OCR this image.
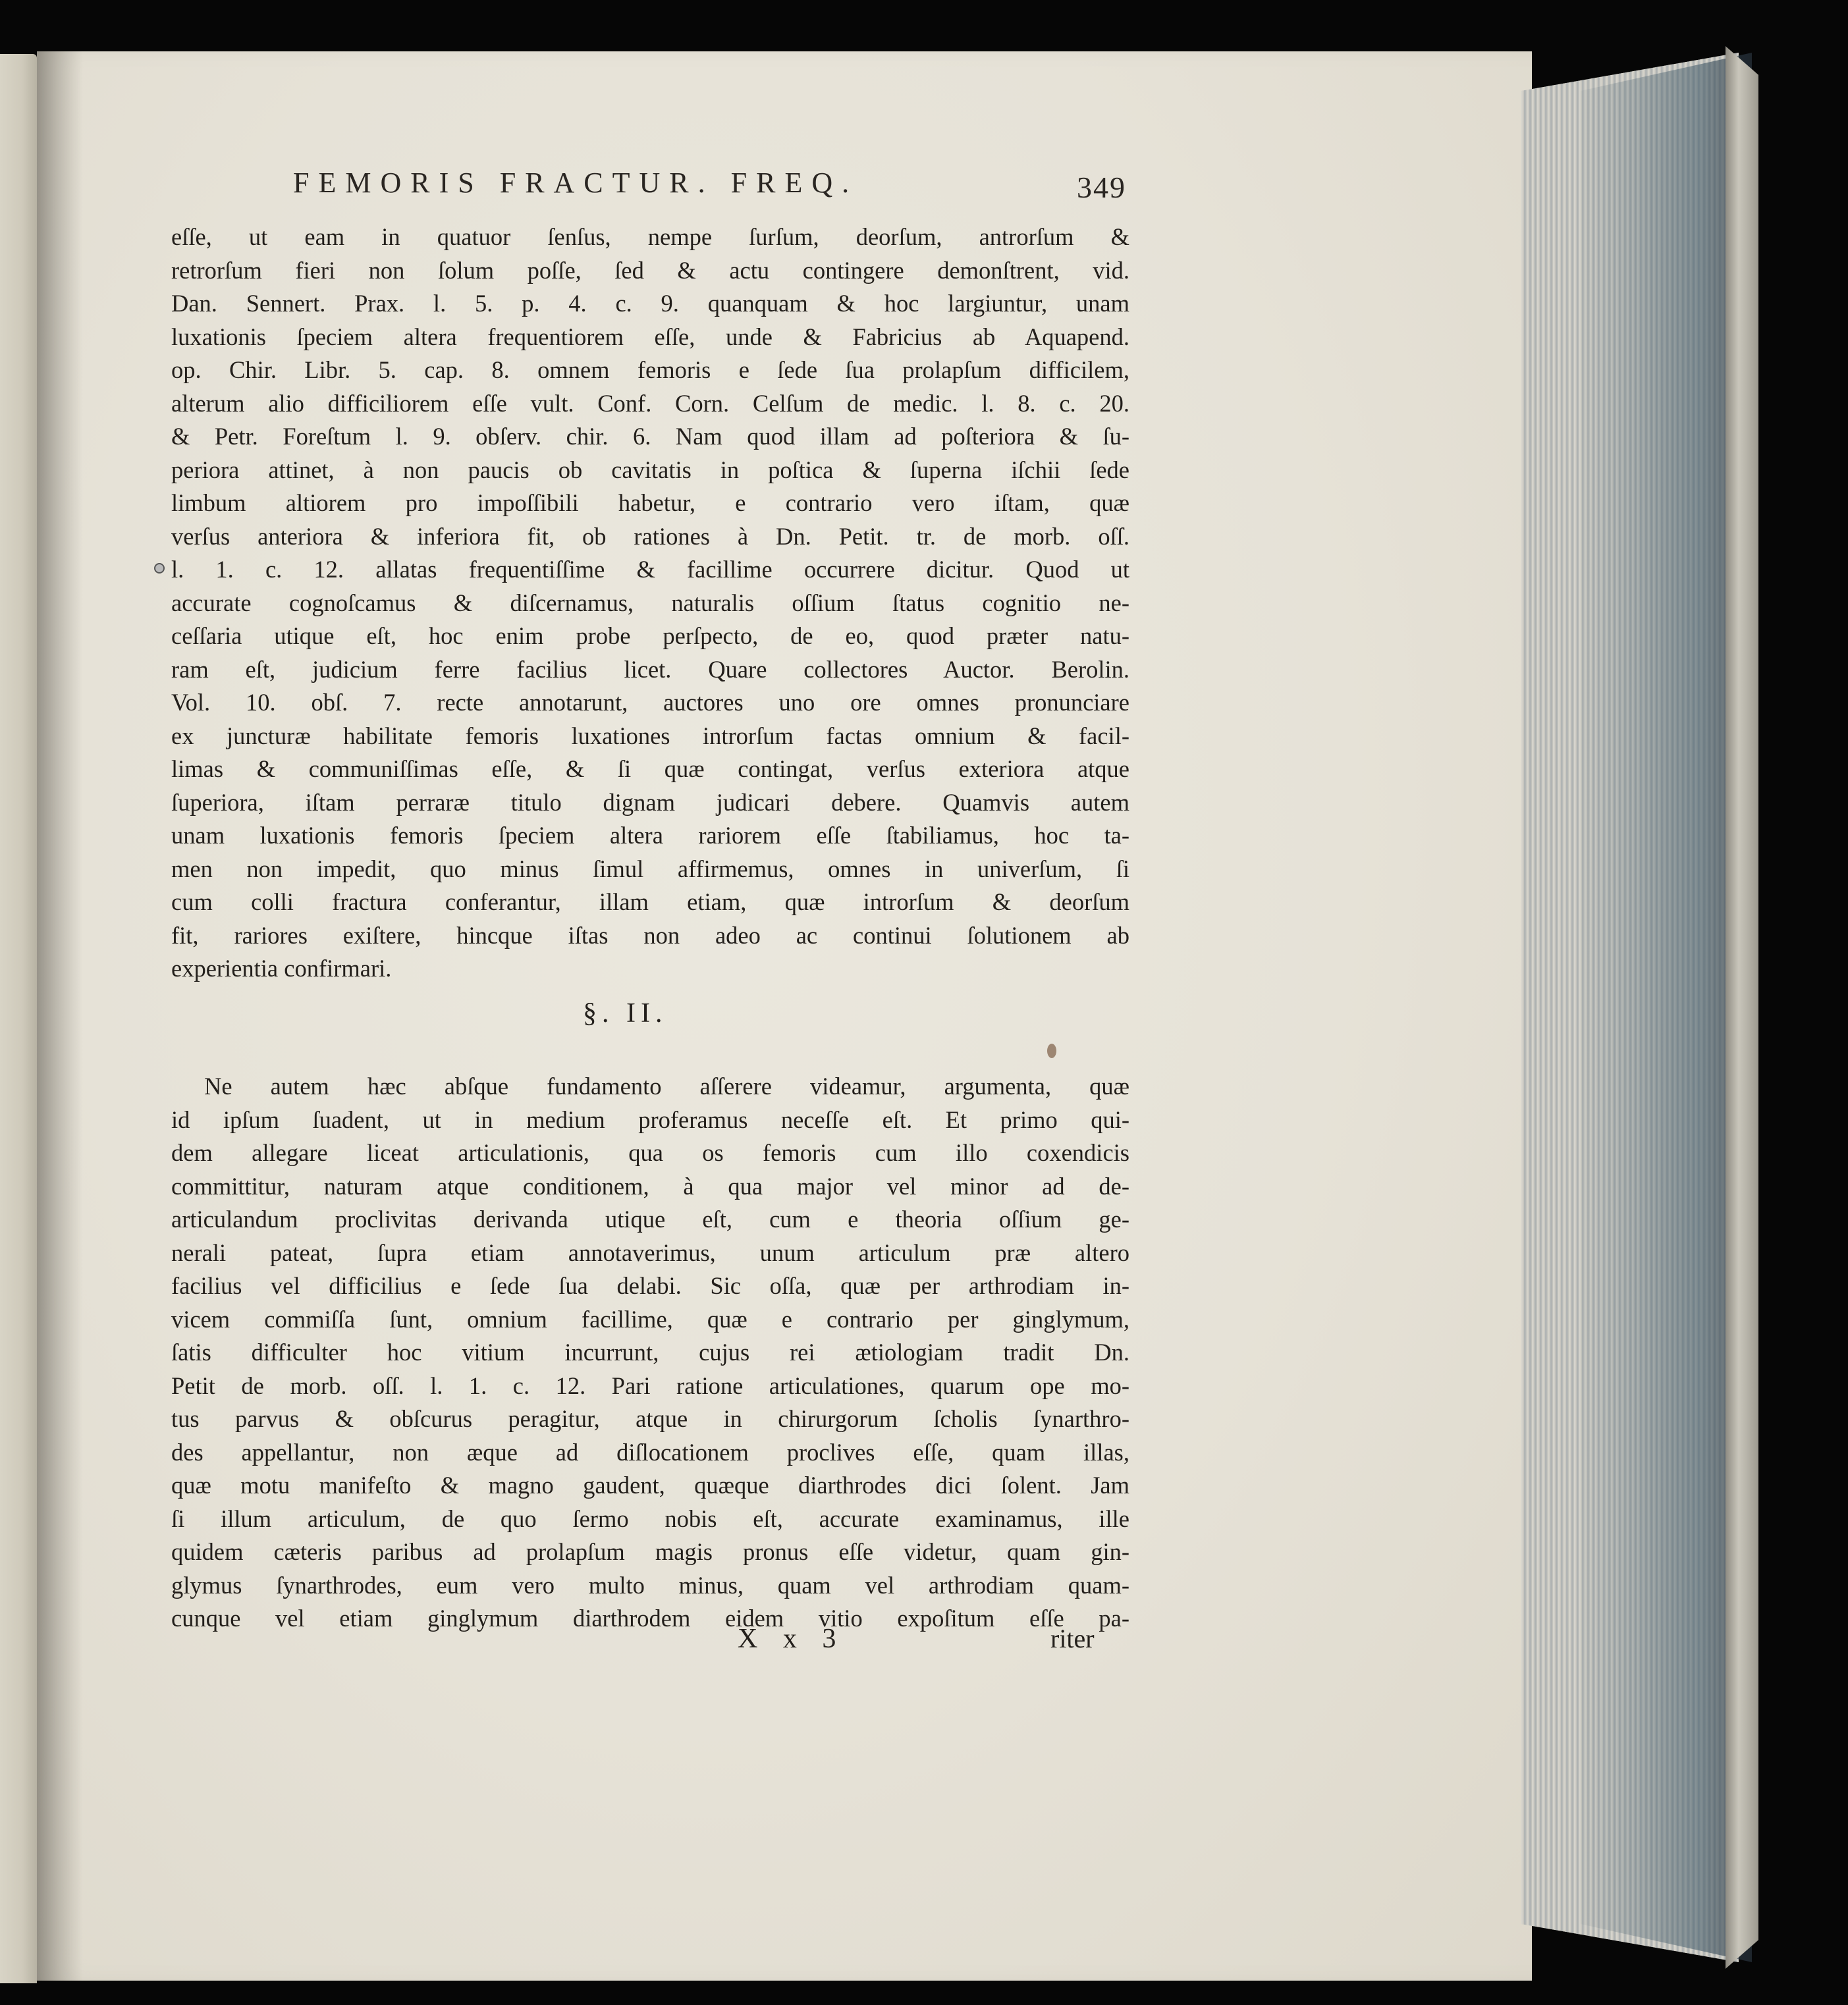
FEMORIS FRACTUR. FREQ.	349
eſſe, ut eam in quatuor ſenſus, nempe ſurſum, deorſum, antrorſum &
retrorſum fieri non ſolum poſſe, ſed & actu contingere demonſtrent, vid.
Dan. Sennert. Prax. l. 5. p. 4. c. 9. quanquam & hoc largiuntur, unam
luxationis ſpeciem altera frequentiorem eſſe, unde & Fabricius ab Aquapend.
op. Chir. Libr. 5. cap. 8. omnem femoris e ſede ſua prolapſum difficilem,
alterum alio difficiliorem eſſe vult. Conf. Corn. Celſum de medic. l. 8. c. 20.
& Petr. Foreſtum l. 9. obſerv. chir. 6. Nam quod illam ad poſteriora & ſu-
periora attinet, à non paucis ob cavitatis in poſtica & ſuperna iſchii ſede
limbum altiorem pro impoſſibili habetur, e contrario vero iſtam, quæ
verſus anteriora & inferiora fit, ob rationes à Dn. Petit. tr. de morb. oſſ.
l. 1. c. 12. allatas frequentiſſime & facillime occurrere dicitur. Quod ut
accurate cognoſcamus & diſcernamus, naturalis oſſium ſtatus cognitio ne-
ceſſaria utique eſt, hoc enim probe perſpecto, de eo, quod præter natu-
ram eſt, judicium ferre facilius licet. Quare collectores Auctor. Berolin.
Vol. 10. obſ. 7. recte annotarunt, auctores uno ore omnes pronunciare
ex juncturæ habilitate femoris luxationes introrſum factas omnium & facil-
limas & communiſſimas eſſe, & ſi quæ contingat, verſus exteriora atque
ſuperiora, iſtam perraræ titulo dignam judicari debere. Quamvis autem
unam luxationis femoris ſpeciem altera rariorem eſſe ſtabiliamus, hoc ta-
men non impedit, quo minus ſimul affirmemus, omnes in univerſum, ſi
cum colli fractura conferantur, illam etiam, quæ introrſum & deorſum
fit, rariores exiſtere, hincque iſtas non adeo ac continui ſolutionem ab
experientia confirmari.
§. II.
Ne autem hæc abſque fundamento aſſerere videamur, argumenta, quæ
id ipſum ſuadent, ut in medium proferamus neceſſe eſt. Et primo qui-
dem allegare liceat articulationis, qua os femoris cum illo coxendicis
committitur, naturam atque conditionem, à qua major vel minor ad de-
articulandum proclivitas derivanda utique eſt, cum e theoria oſſium ge-
nerali pateat, ſupra etiam annotaverimus, unum articulum præ altero
facilius vel difficilius e ſede ſua delabi. Sic oſſa, quæ per arthrodiam in-
vicem commiſſa ſunt, omnium facillime, quæ e contrario per ginglymum,
ſatis difficulter hoc vitium incurrunt, cujus rei ætiologiam tradit Dn.
Petit de morb. oſſ. l. 1. c. 12. Pari ratione articulationes, quarum ope mo-
tus parvus & obſcurus peragitur, atque in chirurgorum ſcholis ſynarthro-
des appellantur, non æque ad diſlocationem proclives eſſe, quam illas,
quæ motu manifeſto & magno gaudent, quæque diarthrodes dici ſolent. Jam
ſi illum articulum, de quo ſermo nobis eſt, accurate examinamus, ille
quidem cæteris paribus ad prolapſum magis pronus eſſe videtur, quam gin-
glymus ſynarthrodes, eum vero multo minus, quam vel arthrodiam quam-
cunque vel etiam ginglymum diarthrodem eidem vitio expoſitum eſſe pa-
X x 3	riter
